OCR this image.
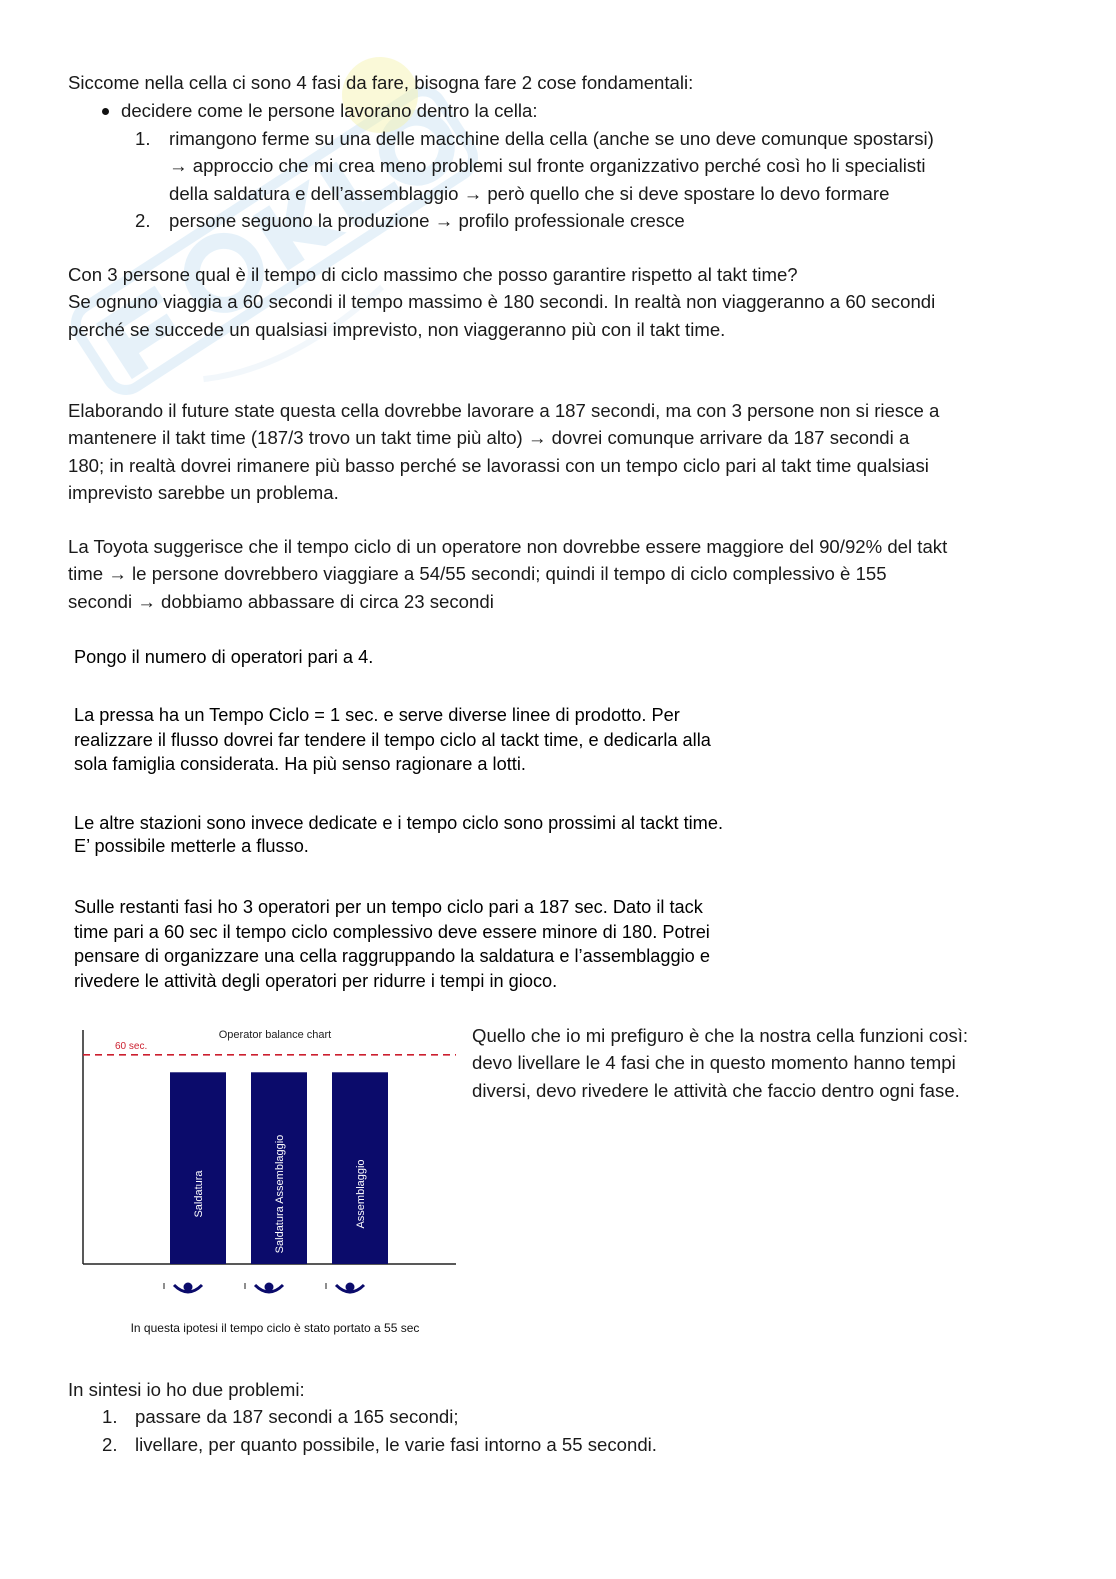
Siccome nella cella ci sono 4 fasi da fare, bisogna fare 2 cose fondamentali:

decidere come le persone lavorano dentro la cella:
1. rimangono ferme su una delle macchine della cella (anche se uno deve comunque spostarsi)
→ approccio che mi crea meno problemi sul fronte organizzativo perché così ho li specialisti
della saldatura e dell’assemblaggio → però quello che si deve spostare lo devo formare
2. persone seguono la produzione → profilo professionale cresce
Con 3 persone qual è il tempo di ciclo massimo che posso garantire rispetto al takt time?
Se ognuno viaggia a 60 secondi il tempo massimo è 180 secondi. In realtà non viaggeranno a 60 secondi
perché se succede un qualsiasi imprevisto, non viaggeranno più con il takt time.
Elaborando il future state questa cella dovrebbe lavorare a 187 secondi, ma con 3 persone non si riesce a
mantenere il takt time (187/3 trovo un takt time più alto) → dovrei comunque arrivare da 187 secondi a
180; in realtà dovrei rimanere più basso perché se lavorassi con un tempo ciclo pari al takt time qualsiasi
imprevisto sarebbe un problema.
La Toyota suggerisce che il tempo ciclo di un operatore non dovrebbe essere maggiore del 90/92% del takt
time → le persone dovrebbero viaggiare a 54/55 secondi; quindi il tempo di ciclo complessivo è 155
secondi → dobbiamo abbassare di circa 23 secondi
Pongo il numero di operatori pari a 4.
La pressa ha un Tempo Ciclo = 1 sec. e serve diverse linee di prodotto. Per
realizzare il flusso dovrei far tendere il tempo ciclo al tackt time, e dedicarla alla
sola famiglia considerata. Ha più senso ragionare a lotti.
Le altre stazioni sono invece dedicate e i tempo ciclo sono prossimi al tackt time.
E’ possibile metterle a flusso.
Sulle restanti fasi ho 3 operatori per un tempo ciclo pari a 187 sec. Dato il tack
time pari a 60 sec il tempo ciclo complessivo deve essere minore di 180. Potrei
pensare di organizzare una cella raggruppando la saldatura e l’assemblaggio e
rivedere le attività degli operatori per ridurre i tempi in gioco.
Operator balance chart
60 sec.
Saldatura	Saldatura Assemblaggio	Assemblaggio
In questa ipotesi il tempo ciclo è stato portato a 55 sec
Quello che io mi prefiguro è che la nostra cella funzioni così:
devo livellare le 4 fasi che in questo momento hanno tempi
diversi, devo rivedere le attività che faccio dentro ogni fase.

In sintesi io ho due problemi:

1. passare da 187 secondi a 165 secondi;
2. livellare, per quanto possibile, le varie fasi intorno a 55 secondi.
